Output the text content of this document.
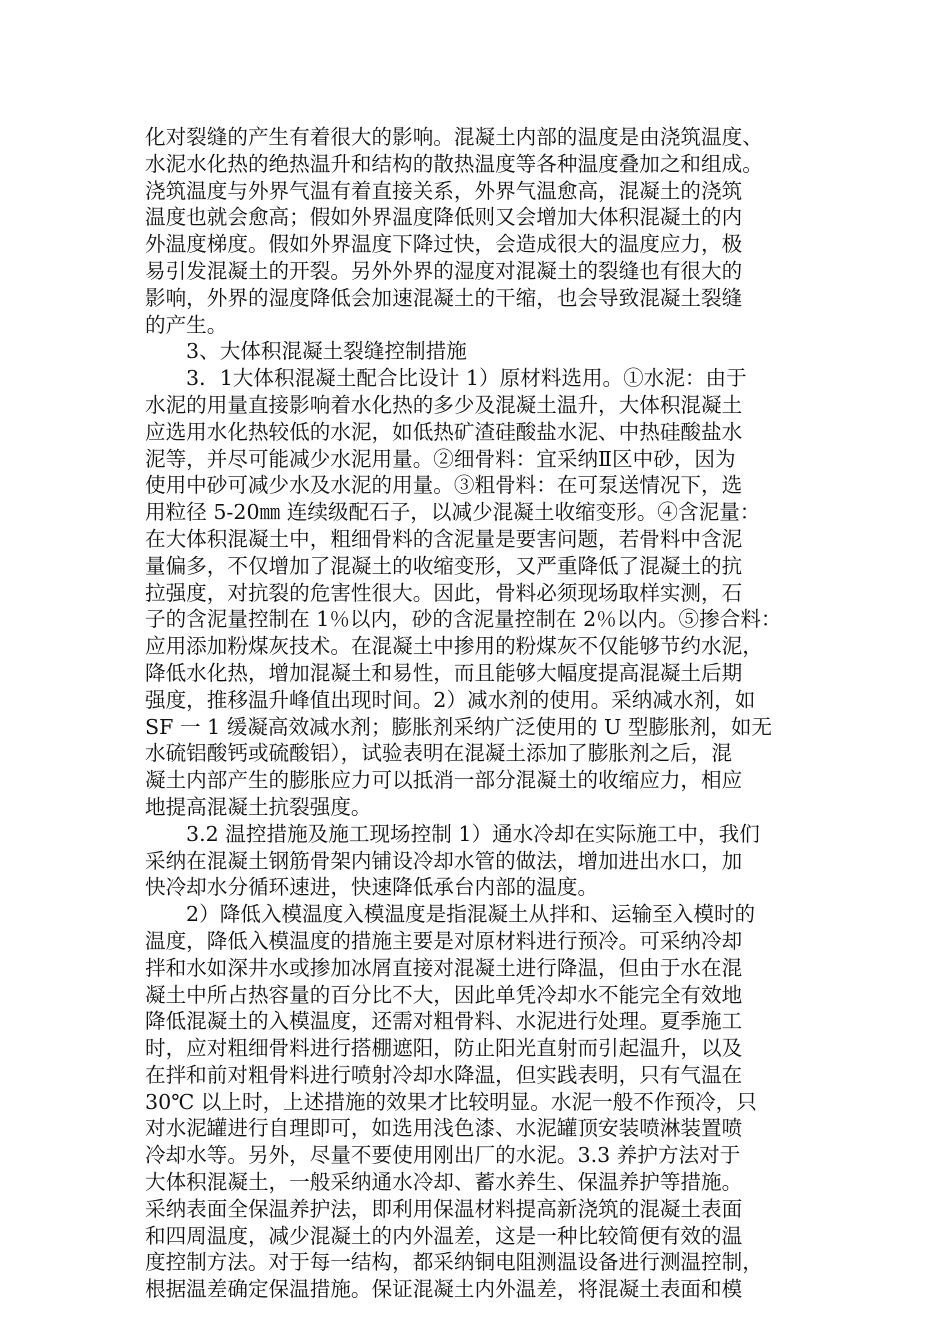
化对裂缝的产生有着很大的影响。混凝土内部的温度是由浇筑温度、
水泥水化热的绝热温升和结构的散热温度等各种温度叠加之和组成。
浇筑温度与外界气温有着直接关系，外界气温愈高，混凝土的浇筑
温度也就会愈高；假如外界温度降低则又会增加大体积混凝土的内
外温度梯度。假如外界温度下降过快，会造成很大的温度应力，极
易引发混凝土的开裂。另外外界的湿度对混凝土的裂缝也有很大的
影响，外界的湿度降低会加速混凝土的干缩，也会导致混凝土裂缝
的产生。
3、大体积混凝土裂缝控制措施
3．1大体积混凝土配合比设计 1）原材料选用。①水泥：由于
水泥的用量直接影响着水化热的多少及混凝土温升，大体积混凝土
应选用水化热较低的水泥，如低热矿渣硅酸盐水泥、中热硅酸盐水
泥等，并尽可能减少水泥用量。②细骨料：宜采纳Ⅱ区中砂，因为
使用中砂可减少水及水泥的用量。③粗骨料：在可泵送情况下，选
用粒径 5-20㎜ 连续级配石子，以减少混凝土收缩变形。④含泥量：
在大体积混凝土中，粗细骨料的含泥量是要害问题，若骨料中含泥
量偏多，不仅增加了混凝土的收缩变形，又严重降低了混凝土的抗
拉强度，对抗裂的危害性很大。因此，骨料必须现场取样实测，石
子的含泥量控制在 1％以内，砂的含泥量控制在 2％以内。⑤掺合料：
应用添加粉煤灰技术。在混凝土中掺用的粉煤灰不仅能够节约水泥，
降低水化热，增加混凝土和易性，而且能够大幅度提高混凝土后期
强度，推移温升峰值出现时间。2）减水剂的使用。采纳减水剂，如
SF 一 1 缓凝高效减水剂；膨胀剂采纳广泛使用的 U 型膨胀剂，如无
水硫铝酸钙或硫酸铝），试验表明在混凝土添加了膨胀剂之后，混
凝土内部产生的膨胀应力可以抵消一部分混凝土的收缩应力，相应
地提高混凝土抗裂强度。
3.2 温控措施及施工现场控制 1）通水冷却在实际施工中，我们
采纳在混凝土钢筋骨架内铺设冷却水管的做法，增加进出水口，加
快冷却水分循环速进，快速降低承台内部的温度。
2）降低入模温度入模温度是指混凝土从拌和、运输至入模时的
温度，降低入模温度的措施主要是对原材料进行预冷。可采纳冷却
拌和水如深井水或掺加冰屑直接对混凝土进行降温，但由于水在混
凝土中所占热容量的百分比不大，因此单凭冷却水不能完全有效地
降低混凝土的入模温度，还需对粗骨料、水泥进行处理。夏季施工
时，应对粗细骨料进行搭棚遮阳，防止阳光直射而引起温升，以及
在拌和前对粗骨料进行喷射冷却水降温，但实践表明，只有气温在
30℃ 以上时，上述措施的效果才比较明显。水泥一般不作预冷，只
对水泥罐进行自理即可，如选用浅色漆、水泥罐顶安装喷淋装置喷
冷却水等。另外，尽量不要使用刚出厂的水泥。3.3 养护方法对于
大体积混凝土，一般采纳通水冷却、蓄水养生、保温养护等措施。
采纳表面全保温养护法，即利用保温材料提高新浇筑的混凝土表面
和四周温度，减少混凝土的内外温差，这是一种比较简便有效的温
度控制方法。对于每一结构，都采纳铜电阻测温设备进行测温控制，
根据温差确定保温措施。保证混凝土内外温差，将混凝土表面和模
